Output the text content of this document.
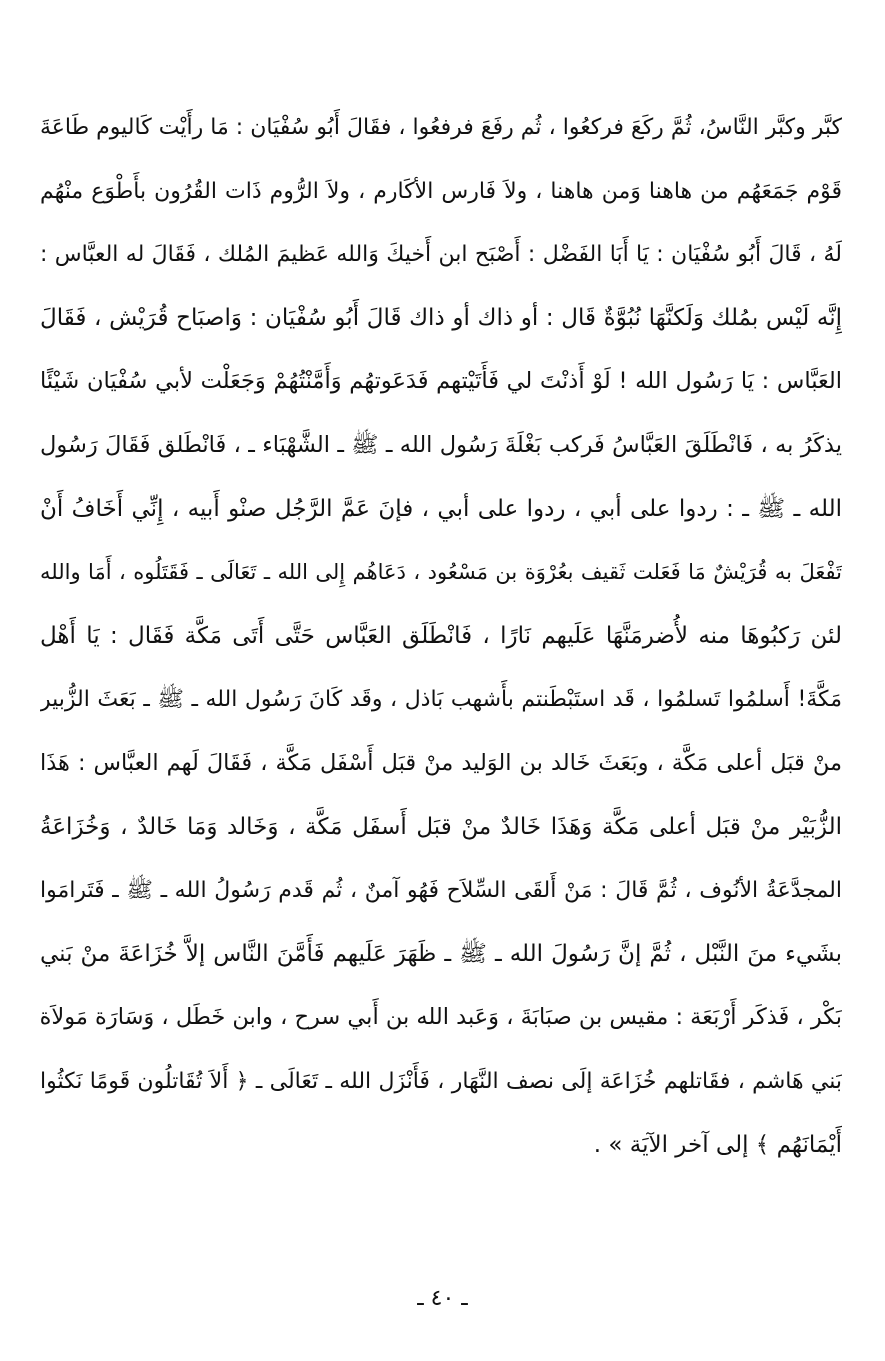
كبَّر وكبَّر النَّاسُ، ثُمَّ ركَعَ فركعُوا ، ثُم رفَعَ فرفعُوا ، فقَالَ أَبُو سُفْيَان : مَا رأَيْت كَاليوم طَاعَةَ
قَوْم جَمَعَهُم من هاهنا وَمن هاهنا ، ولاَ فَارس الأكَارم ، ولاَ الرُّوم ذَات القُرُون بأَطْوَع منْهُم
لَهُ ، قَالَ أَبُو سُفْيَان : يَا أَبَا الفَضْل : أَصْبَح ابن أَخيكَ وَالله عَظيمَ المُلك ، فَقَالَ له العبَّاس :
إِنَّه لَيْس بمُلك وَلَكنَّهَا نُبُوَّةٌ قَال : أو ذاك أو ذاك قَالَ أَبُو سُفْيَان : وَاصبَاح قُرَيْش ، فَقَالَ
العَبَّاس : يَا رَسُول الله ! لَوْ أَذنْتَ لي فَأَتَيْتهم فَدَعَوتهُم وَأَمَّنْتُهُمْ وَجَعَلْت لأبي سُفْيَان شَيْئًا
يذكَرُ به ، فَانْطَلَقَ العَبَّاسُ فَركب بَغْلَةَ رَسُول الله ـ ﷺ ـ الشَّهْبَاء ـ ، فَانْطَلق فَقَالَ رَسُول
الله ـ ﷺ ـ : ردوا على أبي ، ردوا على أبي ، فإنَ عَمَّ الرَّجُل صنْو أَبيه ، إِنِّي أَخَافُ أَنْ
تَفْعَلَ به قُرَيْشٌ مَا فَعَلت ثَقيف بعُرْوَة بن مَسْعُود ، دَعَاهُم إِلى الله ـ تَعَالَى ـ فَقَتَلُوه ، أَمَا والله
لئن رَكبُوهَا منه لأُضرمَنَّهَا عَلَيهم نَارًا ، فَانْطَلَق العَبَّاس حَتَّى أَتَى مَكَّة فَقَال : يَا أَهْل
مَكَّةَ! أَسلمُوا تَسلمُوا ، قَد استَبْطَنتم بأَشهب بَاذل ، وقَد كَانَ رَسُول الله ـ ﷺ ـ بَعَثَ الزُّبير
منْ قبَل أعلى مَكَّة ، وبَعَثَ خَالد بن الوَليد منْ قبَل أَسْفَل مَكَّة ، فَقَالَ لَهم العبَّاس : هَذَا
الزُّبَيْر منْ قبَل أعلى مَكَّة وَهَذَا خَالدٌ منْ قبَل أَسفَل مَكَّة ، وَخَالد وَمَا خَالدٌ ، وَخُزَاعَةُ
المجدَّعَةُ الأنُوف ، ثُمَّ قَالَ : مَنْ أَلقَى السِّلاَح فَهُو آمنٌ ، ثُم قَدم رَسُولُ الله ـ ﷺ ـ فَتَرامَوا
بشَيء منَ النَّبْل ، ثُمَّ إنَّ رَسُولَ الله ـ ﷺ ـ ظَهَرَ عَلَيهم فَأَمَّنَ النَّاس إلاَّ خُزَاعَةَ منْ بَني
بَكْر ، فَذكَر أَرْبَعَة : مقيس بن صبَابَةَ ، وَعَبد الله بن أَبي سرح ، وابن خَطَل ، وَسَارَة مَولاَة
بَني هَاشم ، فقَاتلهم خُزَاعَة إلَى نصف النَّهَار ، فَأَنْزَل الله ـ تَعَالَى ـ ﴿ أَلاَ تُقَاتلُون قَومًا نَكثُوا
أَيْمَانَهُم ﴾ إلى آخر الآيَة » .
ـ ٤٠ ـ
